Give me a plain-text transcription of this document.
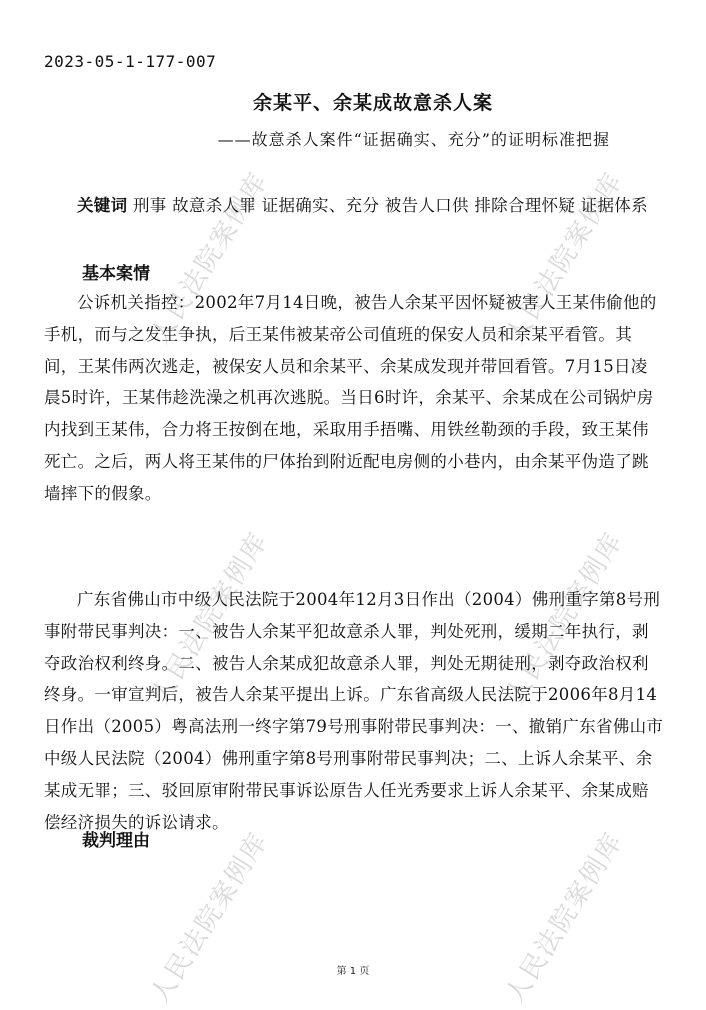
人民法院案例库	人民法院案例库
人民法院案例库	人民法院案例库
人民法院案例库	人民法院案例库
2023-05-1-177-007
余某平、余某成故意杀人案
——故意杀人案件“证据确实、充分”的证明标准把握
关键词 刑事 故意杀人罪 证据确实、充分 被告人口供 排除合理怀疑 证据体系
基本案情
公诉机关指控：2002年7月14日晚，被告人余某平因怀疑被害人王某伟偷他的手机，而与之发生争执，后王某伟被某帝公司值班的保安人员和余某平看管。其间，王某伟两次逃走，被保安人员和余某平、余某成发现并带回看管。7月15日凌晨5时许，王某伟趁洗澡之机再次逃脱。当日6时许，余某平、余某成在公司锅炉房内找到王某伟，合力将王按倒在地，采取用手捂嘴、用铁丝勒颈的手段，致王某伟死亡。之后，两人将王某伟的尸体抬到附近配电房侧的小巷内，由余某平伪造了跳墙摔下的假象。
广东省佛山市中级人民法院于2004年12月3日作出（2004）佛刑重字第8号刑事附带民事判决：一、被告人余某平犯故意杀人罪，判处死刑，缓期二年执行，剥夺政治权利终身。二、被告人余某成犯故意杀人罪，判处无期徒刑，剥夺政治权利终身。一审宣判后，被告人余某平提出上诉。广东省高级人民法院于2006年8月14日作出（2005）粤高法刑一终字第79号刑事附带民事判决：一、撤销广东省佛山市中级人民法院（2004）佛刑重字第8号刑事附带民事判决；二、上诉人余某平、余某成无罪；三、驳回原审附带民事诉讼原告人任光秀要求上诉人余某平、余某成赔偿经济损失的诉讼请求。
裁判理由
第 1 页
